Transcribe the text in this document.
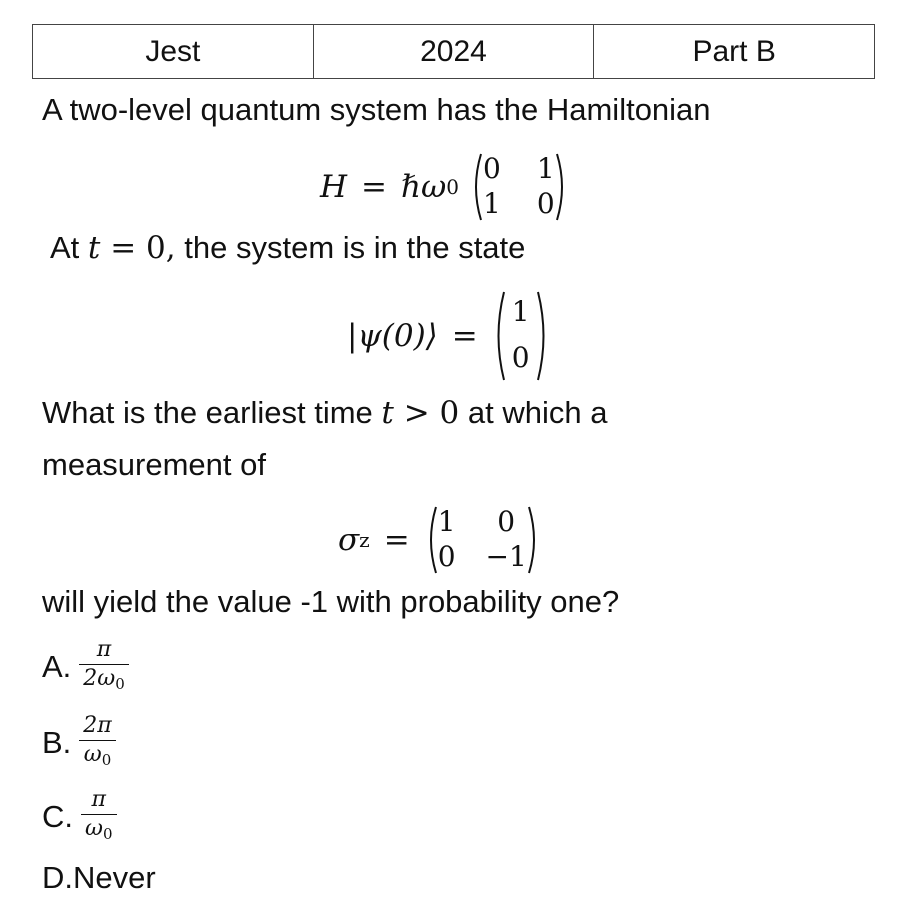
Jest	2024	Part B
A two-level quantum system has the Hamiltonian
H = ℏ ω 0
0 1
1 0
At t = 0, the system is in the state
|ψ(0)⟩ =
1
0
What is the earliest time t > 0 at which a
measurement of
σ z =
1	0
0 −1
will yield the value -1 with probability one?
A. $\frac{\pi}{2\omega_0}$
B. $\frac{2\pi}{\omega_0}$
C. $\frac{\pi}{\omega_0}$
D. Never
